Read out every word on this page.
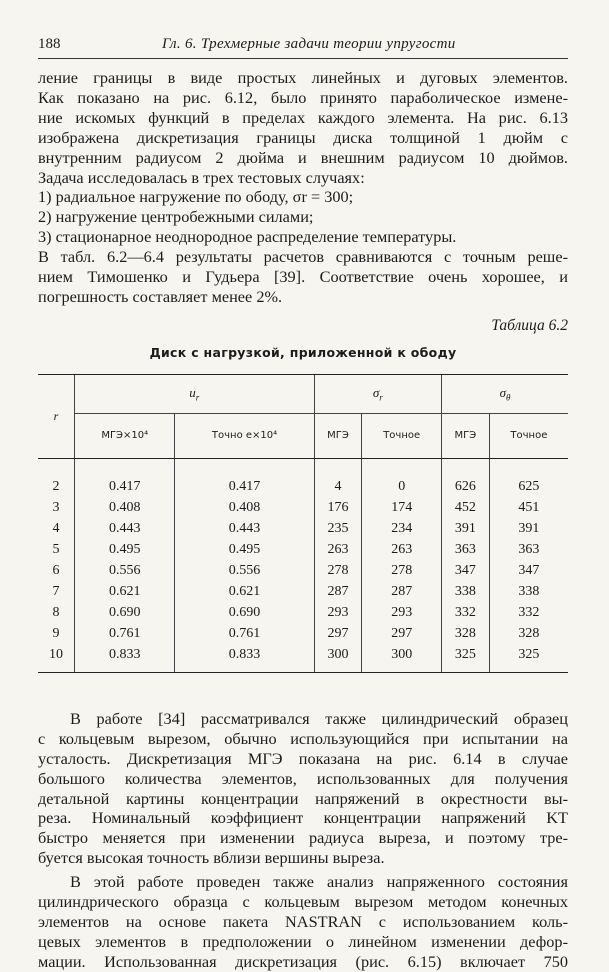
188	Гл. 6. Трехмерные задачи теории упругости
ление границы в виде простых линейных и дуговых элементов.
Как показано на рис. 6.12, было принято параболическое измене-
ние искомых функций в пределах каждого элемента. На рис. 6.13
изображена дискретизация границы диска толщиной 1 дюйм с
внутренним радиусом 2 дюйма и внешним радиусом 10 дюймов.
Задача исследовалась в трех тестовых случаях:
1) радиальное нагружение по ободу, σr = 300;
2) нагружение центробежными силами;
3) стационарное неоднородное распределение температуры.
В табл. 6.2—6.4 результаты расчетов сравниваются с точным реше-
нием Тимошенко и Гудьера [39]. Соответствие очень хорошее, и
погрешность составляет менее 2%.
Таблица 6.2
Диск с нагрузкой, приложенной к ободу
r	$u_r$		$\sigma_r$		$\sigma_\theta$
	МГЭ×10⁴	Точно е×10⁴	МГЭ	Точное	МГЭ	Точное
2	0.417	0.417	4	0	626	625
3	0.408	0.408	176	174	452	451
4	0.443	0.443	235	234	391	391
5	0.495	0.495	263	263	363	363
6	0.556	0.556	278	278	347	347
7	0.621	0.621	287	287	338	338
8	0.690	0.690	293	293	332	332
9	0.761	0.761	297	297	328	328
10	0.833	0.833	300	300	325	325
В работе [34] рассматривался также цилиндрический образец
с кольцевым вырезом, обычно использующийся при испытании на
усталость. Дискретизация МГЭ показана на рис. 6.14 в случае
большого количества элементов, использованных для получения
детальной картины концентрации напряжений в окрестности вы-
реза. Номинальный коэффициент концентрации напряжений KT
быстро меняется при изменении радиуса выреза, и поэтому тре-
буется высокая точность вблизи вершины выреза.
В этой работе проведен также анализ напряженного состояния
цилиндрического образца с кольцевым вырезом методом конечных
элементов на основе пакета NASTRAN с использованием коль-
цевых элементов в предположении о линейном изменении дефор-
мации. Использованная дискретизация (рис. 6.15) включает 750
